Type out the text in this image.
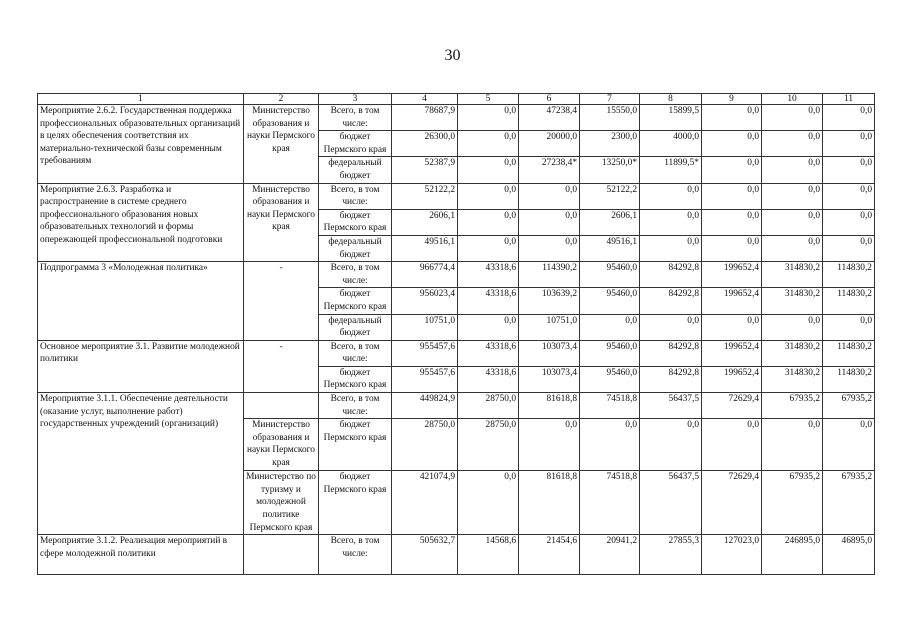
30
1	2	3	4	5	6	7	8	9	10	11
Мероприятие 2.6.2. Государственная поддержка профессиональных образовательных организаций в целях обеспечения соответствия их материально-технической базы современным требованиям	Министерство образования и науки Пермского края	Всего, в том числе:	78687,9	0,0	47238,4	15550,0	15899,5	0,0	0,0	0,0
		бюджет Пермского края	26300,0	0,0	20000,0	2300,0	4000,0	0,0	0,0	0,0
		федеральный бюджет	52387,9	0,0	27238,4*	13250,0*	11899,5*	0,0	0,0	0,0
Мероприятие 2.6.3. Разработка и распространение в системе среднего профессионального образования новых образовательных технологий и формы опережающей профессиональной подготовки	Министерство образования и науки Пермского края	Всего, в том числе:	52122,2	0,0	0,0	52122,2	0,0	0,0	0,0	0,0
		бюджет Пермского края	2606,1	0,0	0,0	2606,1	0,0	0,0	0,0	0,0
		федеральный бюджет	49516,1	0,0	0,0	49516,1	0,0	0,0	0,0	0,0
Подпрограмма 3 «Молодежная политика»	-	Всего, в том числе:	966774,4	43318,6	114390,2	95460,0	84292,8	199652,4	314830,2	114830,2
		бюджет Пермского края	956023,4	43318,6	103639,2	95460,0	84292,8	199652,4	314830,2	114830,2
		федеральный бюджет	10751,0	0,0	10751,0	0,0	0,0	0,0	0,0	0,0
Основное мероприятие 3.1. Развитие молодежной политики	-	Всего, в том числе:	955457,6	43318,6	103073,4	95460,0	84292,8	199652,4	314830,2	114830,2
		бюджет Пермского края	955457,6	43318,6	103073,4	95460,0	84292,8	199652,4	314830,2	114830,2
Мероприятие 3.1.1. Обеспечение деятельности (оказание услуг, выполнение работ) государственных учреждений (организаций)		Всего, в том числе:	449824,9	28750,0	81618,8	74518,8	56437,5	72629,4	67935,2	67935,2
	Министерство образования и науки Пермского края	бюджет Пермского края	28750,0	28750,0	0,0	0,0	0,0	0,0	0,0	0,0
	Министерство по туризму и молодежной политике Пермского края	бюджет Пермского края	421074,9	0,0	81618,8	74518,8	56437,5	72629,4	67935,2	67935,2
Мероприятие 3.1.2. Реализация мероприятий в сфере молодежной политики		Всего, в том числе:	505632,7	14568,6	21454,6	20941,2	27855,3	127023,0	246895,0	46895,0
